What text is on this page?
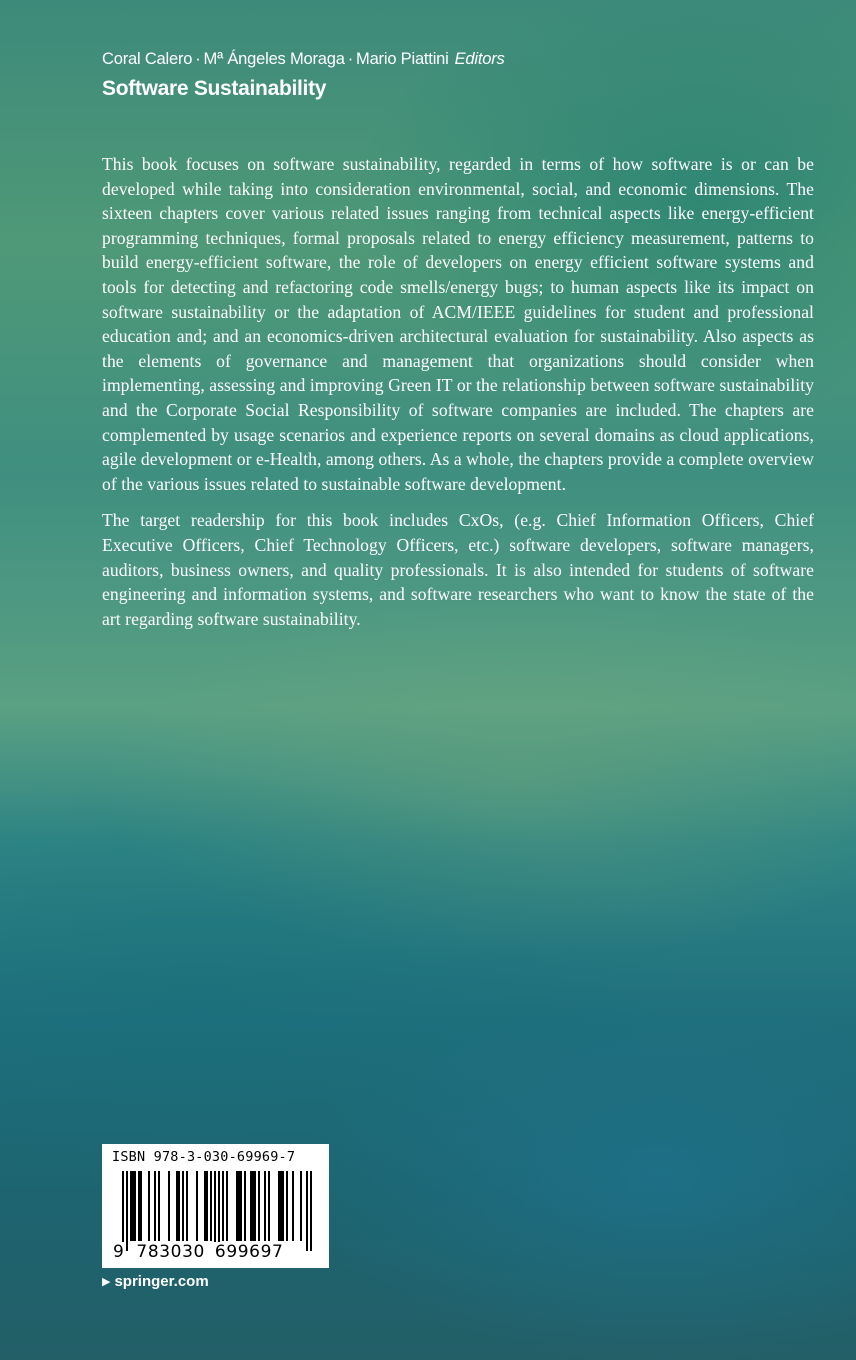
Coral Calero · Mª Ángeles Moraga · Mario Piattini Editors
Software Sustainability

This book focuses on software sustainability, regarded in terms of how software is or can be developed while taking into consideration environmental, social, and economic dimensions. The sixteen chapters cover various related issues ranging from technical aspects like energy-efficient programming techniques, formal proposals related to energy efficiency measurement, patterns to build energy-efficient software, the role of developers on energy efficient software systems and tools for detecting and refactoring code smells/energy bugs; to human aspects like its impact on software sustainability or the adaptation of ACM/IEEE guidelines for student and professional education and; and an economics-driven architectural evaluation for sustainability. Also aspects as the elements of governance and management that organizations should consider when implementing, assessing and improving Green IT or the relationship between software sustainability and the Corporate Social Responsibility of software companies are included. The chapters are complemented by usage scenarios and experience reports on several domains as cloud applications, agile development or e-Health, among others. As a whole, the chapters provide a complete overview of the various issues related to sustainable software development.

The target readership for this book includes CxOs, (e.g. Chief Information Officers, Chief Executive Officers, Chief Technology Officers, etc.) software developers, software managers, auditors, business owners, and quality professionals. It is also intended for students of software engineering and information systems, and software researchers who want to know the state of the art regarding software sustainability.

ISBN 978-3-030-69969-7
9 783030 699697
▶ springer.com
